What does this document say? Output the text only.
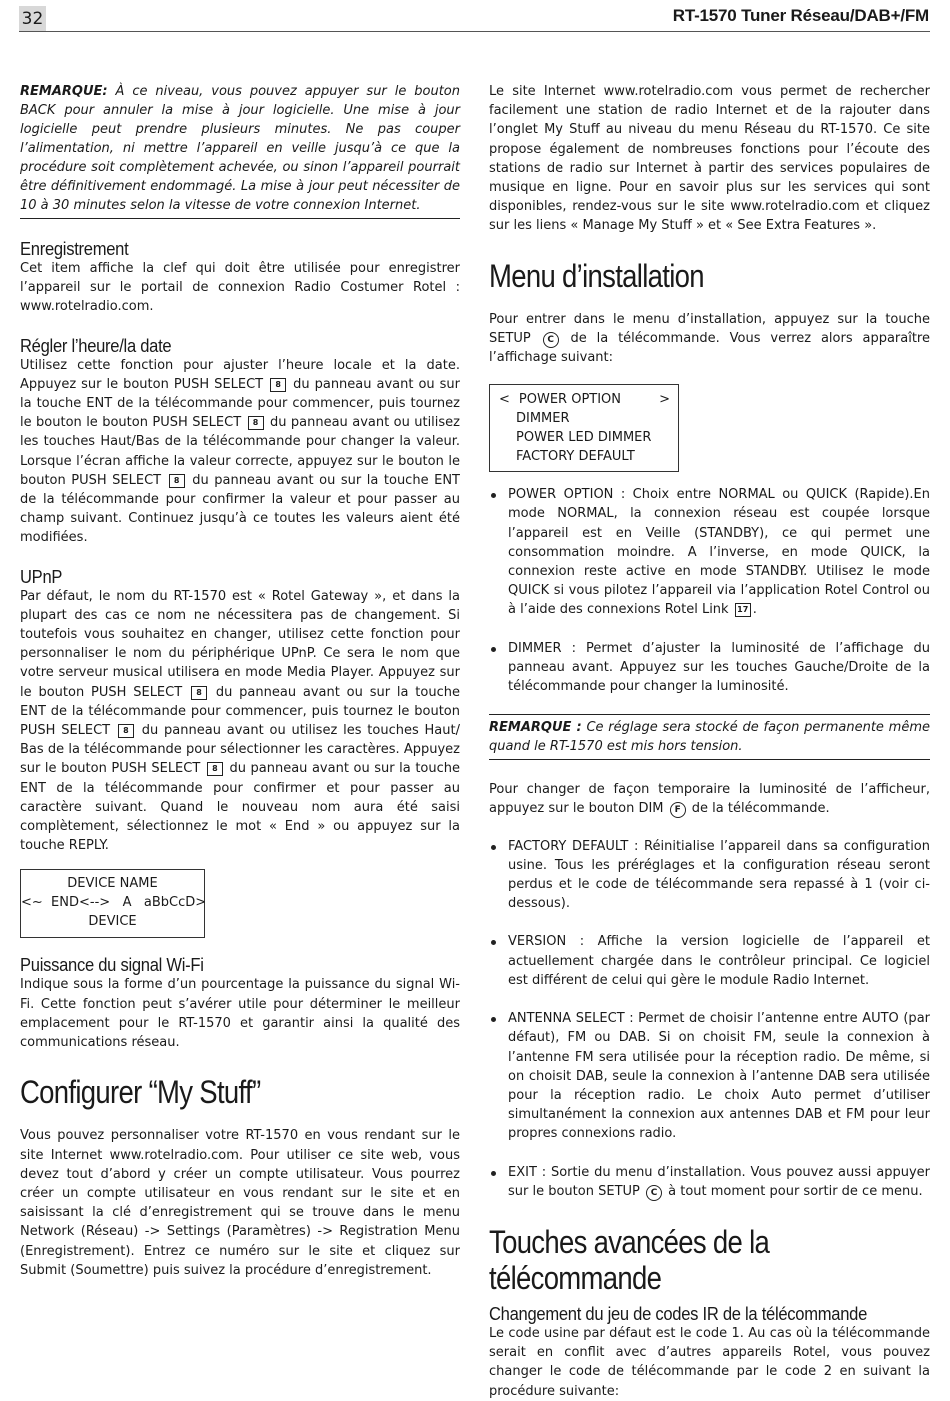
32	RT-1570 Tuner Réseau/DAB+/FM

REMARQUE: À ce niveau, vous pouvez appuyer sur le bouton BACK pour annuler la mise à jour logicielle. Une mise à jour logicielle peut prendre plusieurs minutes. Ne pas couper l’alimentation, ni mettre l’appareil en veille jusqu’à ce que la procédure soit complètement achevée, ou sinon l’appareil pourrait être définitivement endommagé. La mise à jour peut nécessiter de 10 à 30 minutes selon la vitesse de votre connexion Internet.

Enregistrement

Cet item affiche la clef qui doit être utilisée pour enregistrer l’appareil sur le portail de connexion Radio Costumer Rotel : www.rotelradio.com.

Régler l’heure/la date

Utilisez cette fonction pour ajuster l’heure locale et la date. Appuyez sur le bouton PUSH SELECT 8 du panneau avant ou sur la touche ENT de la télécommande pour commencer, puis tournez le bouton le bouton PUSH SELECT 8 du panneau avant ou utilisez les touches Haut/Bas de la télécommande pour changer la valeur. Lorsque l’écran affiche la valeur correcte, appuyez sur le bouton le bouton PUSH SELECT 8 du panneau avant ou sur la touche ENT de la télécommande pour confirmer la valeur et pour passer au champ suivant. Continuez jusqu’à ce toutes les valeurs aient été modifiées.

UPnP

Par défaut, le nom du RT-1570 est « Rotel Gateway », et dans la plupart des cas ce nom ne nécessitera pas de changement. Si toutefois vous souhaitez en changer, utilisez cette fonction pour personnaliser le nom du périphérique UPnP. Ce sera le nom que votre serveur musical utilisera en mode Media Player. Appuyez sur le bouton PUSH SELECT 8 du panneau avant ou sur la touche ENT de la télécommande pour commencer, puis tournez le bouton PUSH SELECT 8 du panneau avant ou utilisez les touches Haut/ Bas de la télécommande pour sélectionner les caractères. Appuyez sur le bouton PUSH SELECT 8 du panneau avant ou sur la touche ENT de la télécommande pour confirmer et pour passer au caractère suivant. Quand le nouveau nom aura été saisi complètement, sélectionnez le mot « End » ou appuyez sur la touche REPLY.

DEVICE NAME
<~  END<-->   A   aBbCcD>
DEVICE
Puissance du signal Wi-Fi

Indique sous la forme d’un pourcentage la puissance du signal Wi-Fi. Cette fonction peut s’avérer utile pour déterminer le meilleur emplacement pour le RT-1570 et garantir ainsi la qualité des communications réseau.

Configurer “My Stuff”

Vous pouvez personnaliser votre RT-1570 en vous rendant sur le site Internet www.rotelradio.com. Pour utiliser ce site web, vous devez tout d’abord y créer un compte utilisateur. Vous pourrez créer un compte utilisateur en vous rendant sur le site et en saisissant la clé d’enregistrement qui se trouve dans le menu Network (Réseau) -> Settings (Paramètres) -> Registration Menu (Enregistrement). Entrez ce numéro sur le site et cliquez sur Submit (Soumettre) puis suivez la procédure d’enregistrement.

Le site Internet www.rotelradio.com vous permet de rechercher facilement une station de radio Internet et de la rajouter dans l’onglet My Stuff au niveau du menu Réseau du RT-1570. Ce site propose également de nombreuses fonctions pour l’écoute des stations de radio sur Internet à partir des services populaires de musique en ligne. Pour en savoir plus sur les services qui sont disponibles, rendez-vous sur le site www.rotelradio.com et cliquez sur les liens « Manage My Stuff » et « See Extra Features ».

Menu d’installation

Pour entrer dans le menu d’installation, appuyez sur la touche SETUP C de la télécommande. Vous verrez alors apparaître l’affichage suivant:

< POWER OPTION	>
DIMMER
POWER LED DIMMER
FACTORY DEFAULT

POWER OPTION : Choix entre NORMAL ou QUICK (Rapide).En mode NORMAL, la connexion réseau est coupée lorsque l’appareil est en Veille (STANDBY), ce qui permet une consommation moindre. A l’inverse, en mode QUICK, la connexion reste active en mode STANDBY. Utilisez le mode QUICK si vous pilotez l’appareil via l’application Rotel Control ou à l’aide des connexions Rotel Link 17 .

DIMMER : Permet d’ajuster la luminosité de l’affichage du panneau avant. Appuyez sur les touches Gauche/Droite de la télécommande pour changer la luminosité.

REMARQUE : Ce réglage sera stocké de façon permanente même quand le RT-1570 est mis hors tension.

Pour changer de façon temporaire la luminosité de l’afficheur, appuyez sur le bouton DIM F de la télécommande.

FACTORY DEFAULT : Réinitialise l’appareil dans sa configuration usine. Tous les préréglages et la configuration réseau seront perdus et le code de télécommande sera repassé à 1 (voir ci-dessous).

VERSION : Affiche la version logicielle de l’appareil et actuellement chargée dans le contrôleur principal. Ce logiciel est différent de celui qui gère le module Radio Internet.

ANTENNA SELECT : Permet de choisir l’antenne entre AUTO (par défaut), FM ou DAB. Si on choisit FM, seule la connexion à l’antenne FM sera utilisée pour la réception radio. De même, si on choisit DAB, seule la connexion à l’antenne DAB sera utilisée pour la réception radio. Le choix Auto permet d’utiliser simultanément la connexion aux antennes DAB et FM pour leur propres connexions radio.

EXIT : Sortie du menu d’installation. Vous pouvez aussi appuyer sur le bouton SETUP C à tout moment pour sortir de ce menu.

Touches avancées de la télécommande
Changement du jeu de codes IR de la télécommande

Le code usine par défaut est le code 1. Au cas où la télécommande serait en conflit avec d’autres appareils Rotel, vous pouvez changer le code de télécommande par le code 2 en suivant la procédure suivante:
